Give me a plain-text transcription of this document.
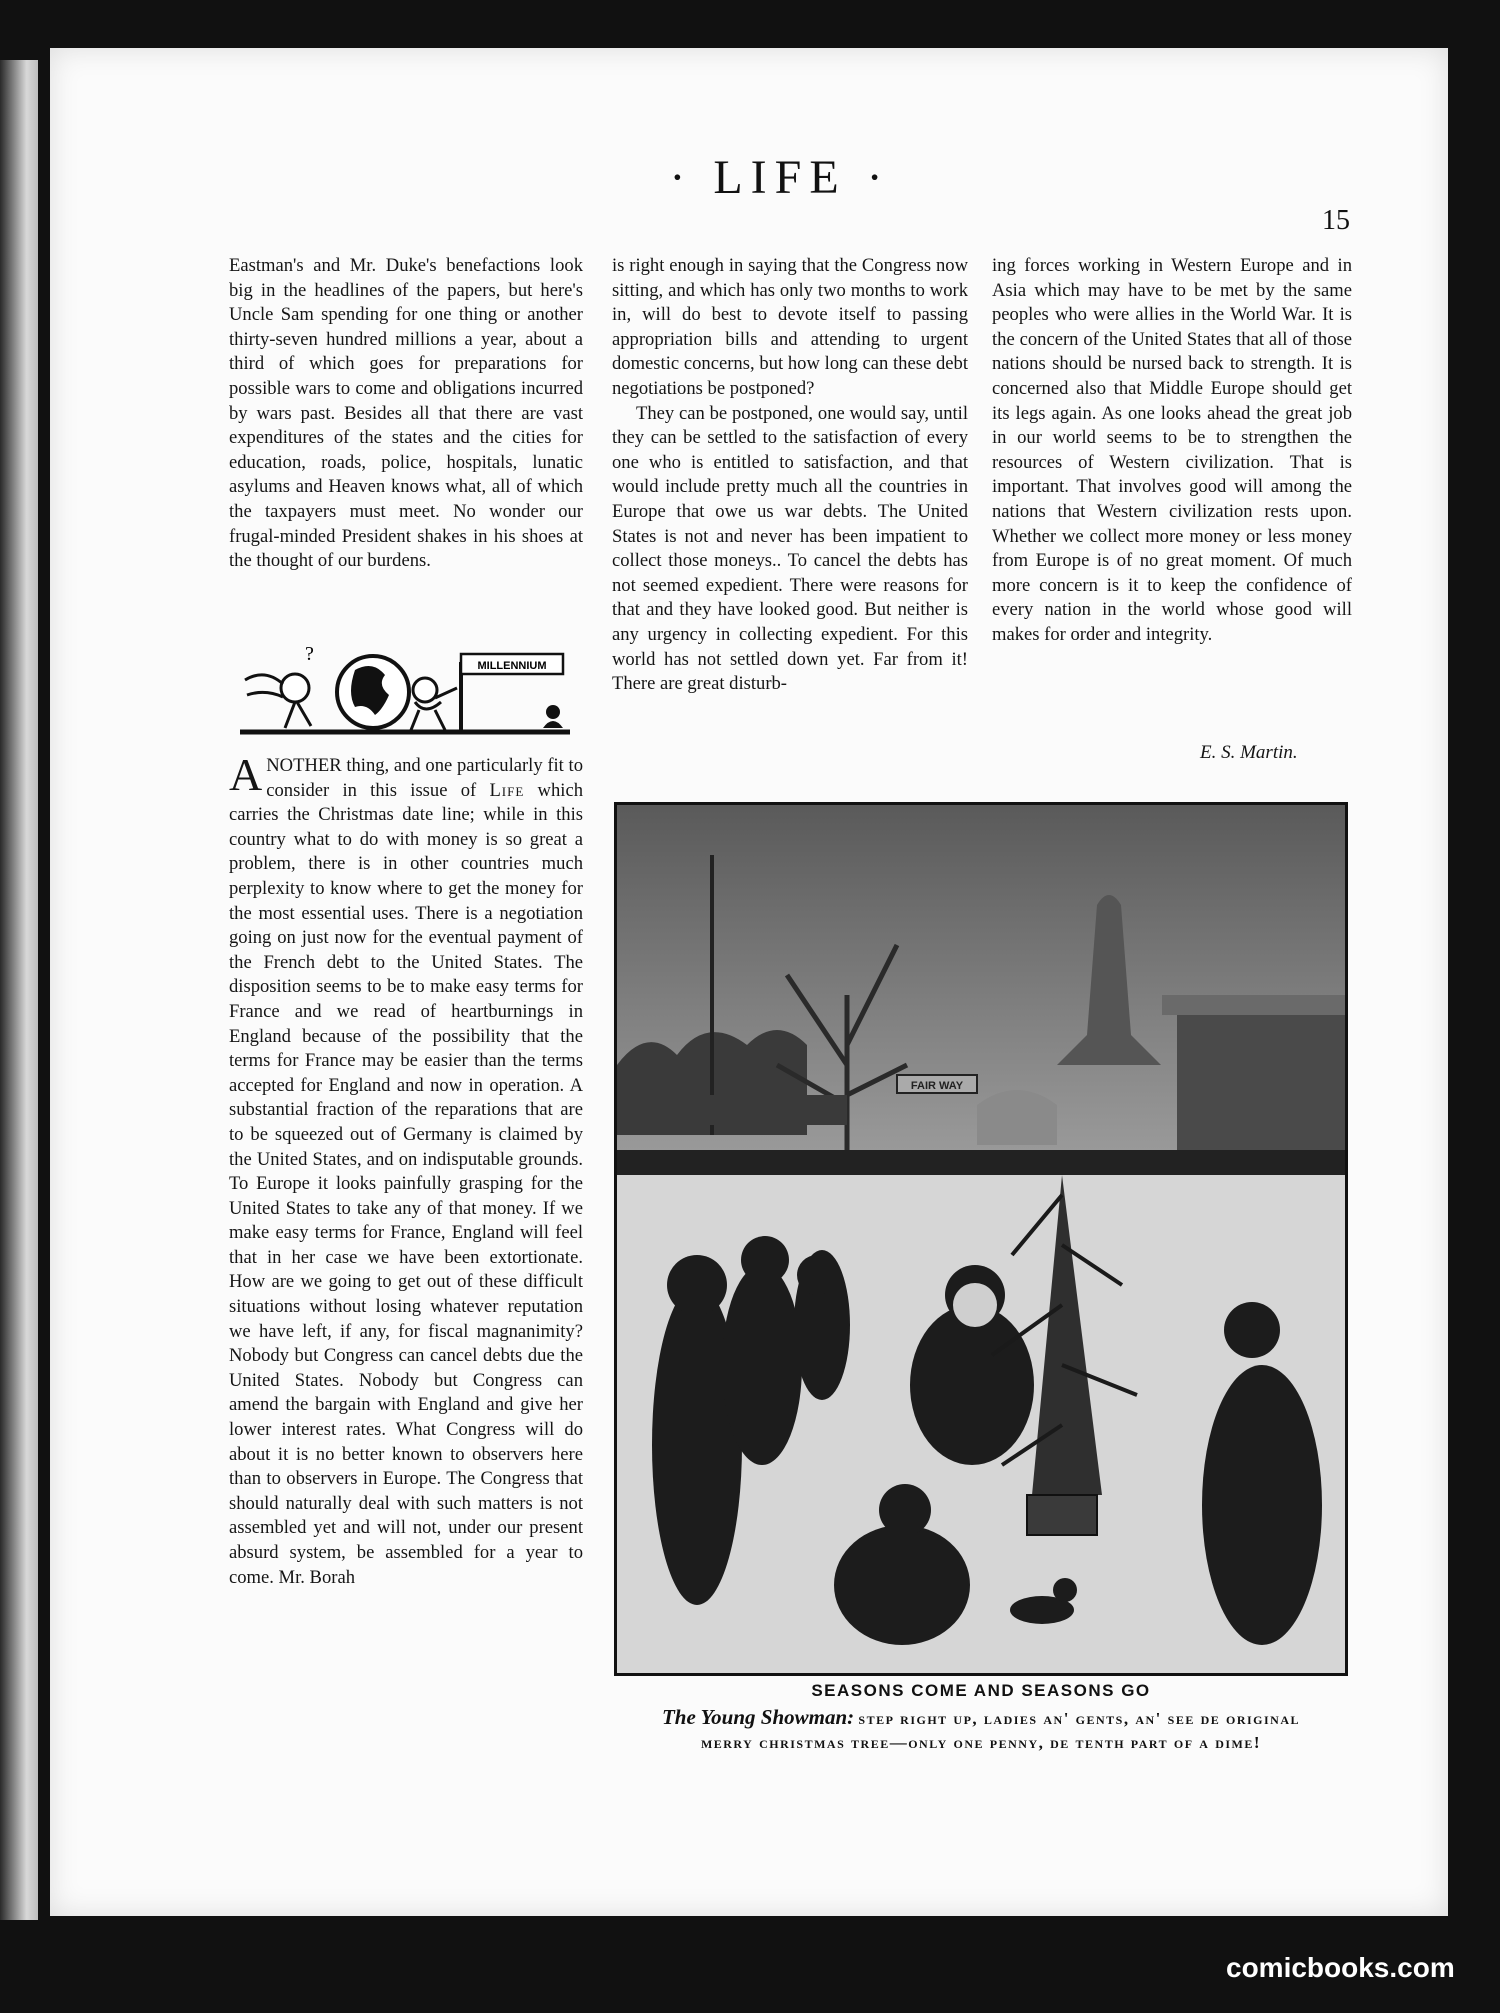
· LIFE ·
15

Eastman's and Mr. Duke's benefactions look big in the headlines of the papers, but here's Uncle Sam spending for one thing or another thirty-seven hundred millions a year, about a third of which goes for preparations for possible wars to come and obligations incurred by wars past. Besides all that there are vast expenditures of the states and the cities for education, roads, police, hospitals, lunatic asylums and Heaven knows what, all of which the taxpayers must meet. No wonder our frugal-minded President shakes in his shoes at the thought of our burdens.

?
MILLENNIUM

ANOTHER thing, and one particularly fit to consider in this issue of Life which carries the Christmas date line; while in this country what to do with money is so great a problem, there is in other countries much perplexity to know where to get the money for the most essential uses. There is a negotiation going on just now for the eventual payment of the French debt to the United States. The disposition seems to be to make easy terms for France and we read of heartburnings in England because of the possibility that the terms for France may be easier than the terms accepted for England and now in operation. A substantial fraction of the reparations that are to be squeezed out of Germany is claimed by the United States, and on indisputable grounds. To Europe it looks painfully grasping for the United States to take any of that money. If we make easy terms for France, England will feel that in her case we have been extortionate. How are we going to get out of these difficult situations without losing whatever reputation we have left, if any, for fiscal magnanimity? Nobody but Congress can cancel debts due the United States. Nobody but Congress can amend the bargain with England and give her lower interest rates. What Congress will do about it is no better known to observers here than to observers in Europe. The Congress that should naturally deal with such matters is not assembled yet and will not, under our present absurd system, be assembled for a year to come. Mr. Borah

is right enough in saying that the Congress now sitting, and which has only two months to work in, will do best to devote itself to passing appropriation bills and attending to urgent domestic concerns, but how long can these debt negotiations be postponed?

They can be postponed, one would say, until they can be settled to the satisfaction of every one who is entitled to satisfaction, and that would include pretty much all the countries in Europe that owe us war debts. The United States is not and never has been impatient to collect those moneys.. To cancel the debts has not seemed expedient. There were reasons for that and they have looked good. But neither is any urgency in collecting expedient. For this world has not settled down yet. Far from it! There are great disturb-

ing forces working in Western Europe and in Asia which may have to be met by the same peoples who were allies in the World War. It is the concern of the United States that all of those nations should be nursed back to strength. It is concerned also that Middle Europe should get its legs again. As one looks ahead the great job in our world seems to be to strengthen the resources of Western civilization. That is important. That involves good will among the nations that Western civilization rests upon. Whether we collect more money or less money from Europe is of no great moment. Of much more concern is it to keep the confidence of every nation in the world whose good will makes for order and integrity.

E. S. Martin.
FAIR WAY
SEASONS COME AND SEASONS GO
The Young Showman: step right up, ladies an' gents, an' see de original
merry christmas tree—only one penny, de tenth part of a dime!
comicbooks.com
